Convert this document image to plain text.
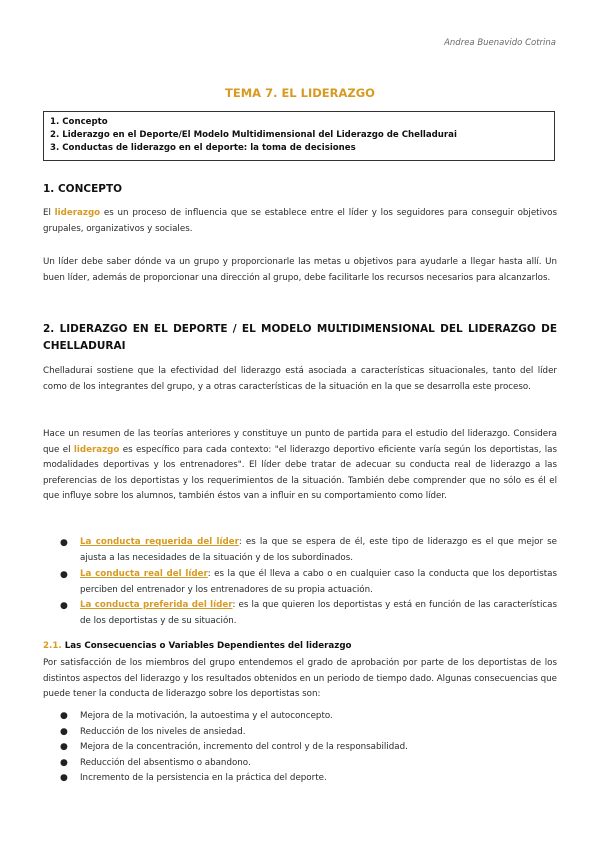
Andrea Buenavido Cotrina
TEMA 7. EL LIDERAZGO
1. Concepto
2. Liderazgo en el Deporte/El Modelo Multidimensional del Liderazgo de Chelladurai
3. Conductas de liderazgo en el deporte: la toma de decisiones
1. CONCEPTO
El liderazgo es un proceso de influencia que se establece entre el líder y los seguidores para conseguir objetivos grupales, organizativos y sociales.
Un líder debe saber dónde va un grupo y proporcionarle las metas u objetivos para ayudarle a llegar hasta allí. Un buen líder, además de proporcionar una dirección al grupo, debe facilitarle los recursos necesarios para alcanzarlos.
2. LIDERAZGO EN EL DEPORTE / EL MODELO MULTIDIMENSIONAL DEL LIDERAZGO DE CHELLADURAI
Chelladurai sostiene que la efectividad del liderazgo está asociada a características situacionales, tanto del líder como de los integrantes del grupo, y a otras características de la situación en la que se desarrolla este proceso.
Hace un resumen de las teorías anteriores y constituye un punto de partida para el estudio del liderazgo. Considera que el liderazgo es específico para cada contexto: "el liderazgo deportivo eficiente varía según los deportistas, las modalidades deportivas y los entrenadores". El líder debe tratar de adecuar su conducta real de liderazgo a las preferencias de los deportistas y los requerimientos de la situación. También debe comprender que no sólo es él el que influye sobre los alumnos, también éstos van a influir en su comportamiento como líder.
● La conducta requerida del líder: es la que se espera de él, este tipo de liderazgo es el que mejor se ajusta a las necesidades de la situación y de los subordinados.
● La conducta real del líder: es la que él lleva a cabo o en cualquier caso la conducta que los deportistas perciben del entrenador y los entrenadores de su propia actuación.
● La conducta preferida del líder: es la que quieren los deportistas y está en función de las características de los deportistas y de su situación.
2.1. Las Consecuencias o Variables Dependientes del liderazgo
Por satisfacción de los miembros del grupo entendemos el grado de aprobación por parte de los deportistas de los distintos aspectos del liderazgo y los resultados obtenidos en un periodo de tiempo dado. Algunas consecuencias que puede tener la conducta de liderazgo sobre los deportistas son:
● Mejora de la motivación, la autoestima y el autoconcepto.
● Reducción de los niveles de ansiedad.
● Mejora de la concentración, incremento del control y de la responsabilidad.
● Reducción del absentismo o abandono.
● Incremento de la persistencia en la práctica del deporte.
